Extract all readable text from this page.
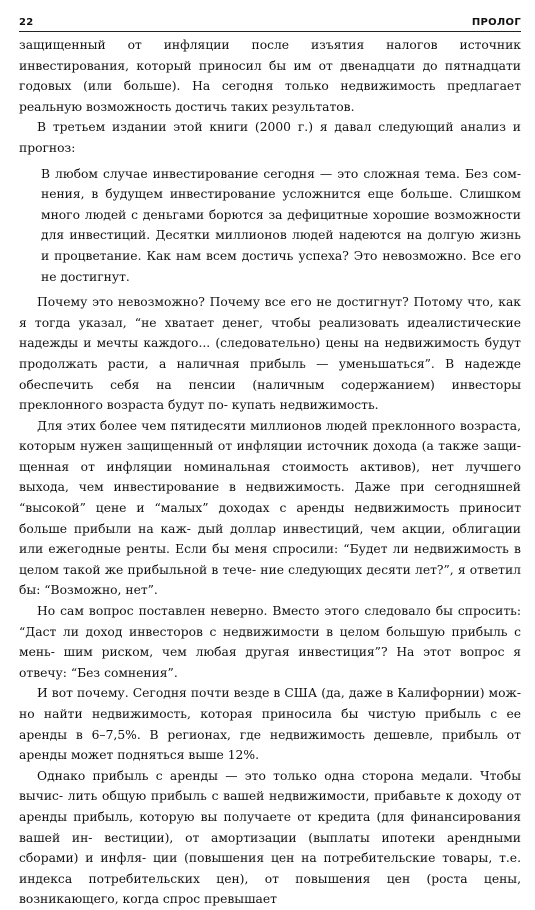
22	ПРОЛОГ

защищенный от инфляции после изъятия налогов источник инвестирования, который приносил бы им от двенадцати до пятнадцати годовых (или больше). На сегодня только недвижимость предлагает реальную возможность достичь таких результатов.

В третьем издании этой книги (2000 г.) я давал следующий анализ и прогноз:

В любом случае инвестирование сегодня — это сложная тема. Без сом- нения, в будущем инвестирование усложнится еще больше. Слишком много людей с деньгами борются за дефицитные хорошие возможности для инвестиций. Десятки миллионов людей надеются на долгую жизнь и процветание. Как нам всем достичь успеха? Это невозможно. Все его не достигнут.

Почему это невозможно? Почему все его не достигнут? Потому что, как я тогда указал, “не хватает денег, чтобы реализовать идеалистические надежды и мечты каждого... (следовательно) цены на недвижимость будут продолжать расти, а наличная прибыль — уменьшаться”. В надежде обеспечить себя на пенсии (наличным содержанием) инвесторы преклонного возраста будут по- купать недвижимость.

Для этих более чем пятидесяти миллионов людей преклонного возраста, которым нужен защищенный от инфляции источник дохода (а также защи- щенная от инфляции номинальная стоимость активов), нет лучшего выхода, чем инвестирование в недвижимость. Даже при сегодняшней “высокой” цене и “малых” доходах с аренды недвижимость приносит больше прибыли на каж- дый доллар инвестиций, чем акции, облигации или ежегодные ренты. Если бы меня спросили: “Будет ли недвижимость в целом такой же прибыльной в тече- ние следующих десяти лет?”, я ответил бы: “Возможно, нет”.

Но сам вопрос поставлен неверно. Вместо этого следовало бы спросить: “Даст ли доход инвесторов с недвижимости в целом большую прибыль с мень- шим риском, чем любая другая инвестиция”? На этот вопрос я отвечу: “Без сомнения”.

И вот почему. Сегодня почти везде в США (да, даже в Калифорнии) мож- но найти недвижимость, которая приносила бы чистую прибыль с ее аренды в 6–7,5%. В регионах, где недвижимость дешевле, прибыль от аренды может подняться выше 12%.

Однако прибыль с аренды — это только одна сторона медали. Чтобы вычис- лить общую прибыль с вашей недвижимости, прибавьте к доходу от аренды прибыль, которую вы получаете от кредита (для финансирования вашей ин- вестиции), от амортизации (выплаты ипотеки арендными сборами) и инфля- ции (повышения цен на потребительские товары, т.е. индекса потребительских цен), от повышения цен (роста цены, возникающего, когда спрос превышает
